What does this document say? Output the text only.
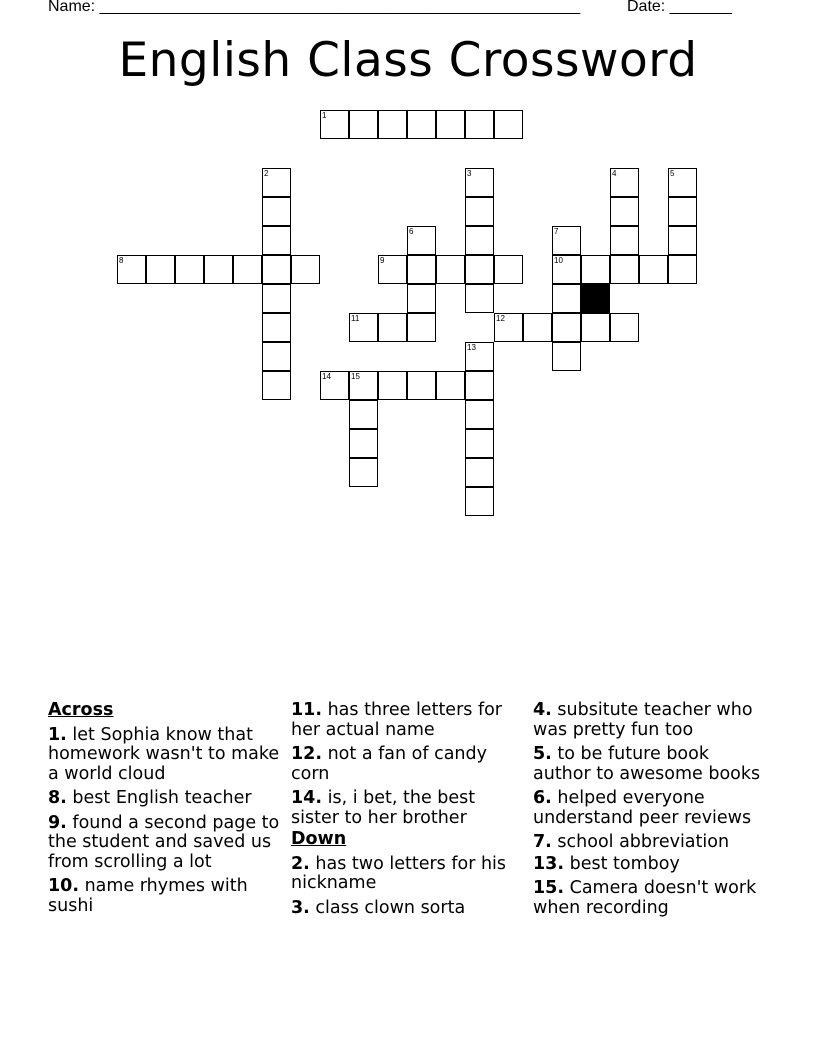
Name: ______________________________________________________	Date: _______
English Class Crossword
1
2	3	4	5
6	7
10
8	9
11	12
13
14	15
Across
1. let Sophia know that homework wasn't to make a world cloud
8. best English teacher
9. found a second page to the student and saved us from scrolling a lot
10. name rhymes with sushi
11. has three letters for her actual name
12. not a fan of candy corn
14. is, i bet, the best sister to her brother
Down
2. has two letters for his nickname
3. class clown sorta
4. subsitute teacher who was pretty fun too
5. to be future book author to awesome books
6. helped everyone understand peer reviews
7. school abbreviation
13. best tomboy
15. Camera doesn't work when recording
